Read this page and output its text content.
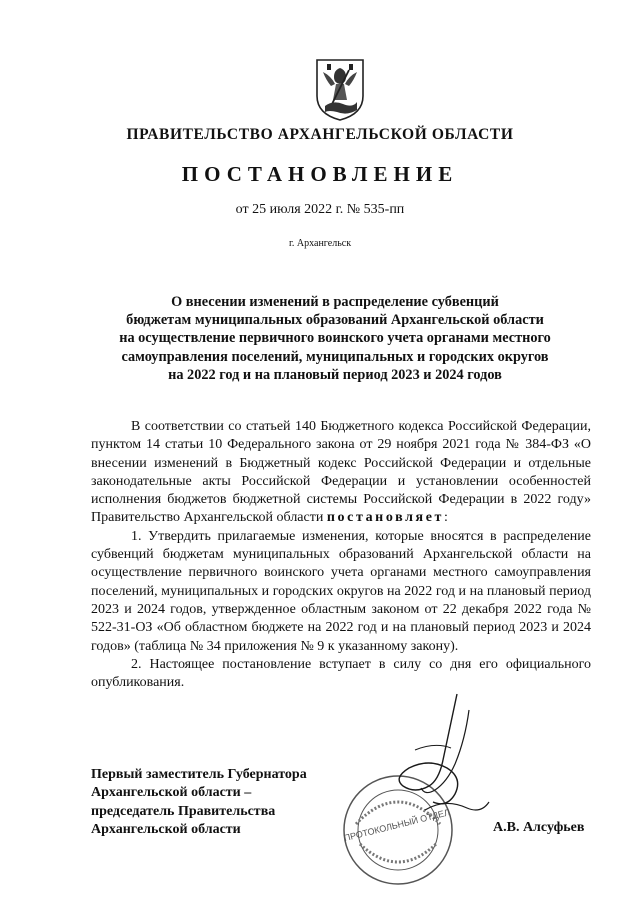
ПРАВИТЕЛЬСТВО АРХАНГЕЛЬСКОЙ ОБЛАСТИ
ПОСТАНОВЛЕНИЕ
от 25 июля 2022 г. № 535-пп
г. Архангельск
О внесении изменений в распределение субвенций
бюджетам муниципальных образований Архангельской области
на осуществление первичного воинского учета органами местного
самоуправления поселений, муниципальных и городских округов
на 2022 год и на плановый период 2023 и 2024 годов

В соответствии со статьей 140 Бюджетного кодекса Российской Федерации, пунктом 14 статьи 10 Федерального закона от 29 ноября 2021 года № 384-ФЗ «О внесении изменений в Бюджетный кодекс Российской Федерации и отдельные законодательные акты Российской Федерации и установлении особенностей исполнения бюджетов бюджетной системы Российской Федерации в 2022 году» Правительство Архангельской области постановляет:

1. Утвердить прилагаемые изменения, которые вносятся в распределение субвенций бюджетам муниципальных образований Архангельской области на осуществление первичного воинского учета органами местного самоуправления поселений, муниципальных и городских округов на 2022 год и на плановый период 2023 и 2024 годов, утвержденное областным законом от 22 декабря 2022 года № 522-31-ОЗ «Об областном бюджете на 2022 год и на плановый период 2023 и 2024 годов» (таблица № 34 приложения № 9 к указанному закону).

2. Настоящее постановление вступает в силу со дня его официального опубликования.

Первый заместитель Губернатора
Архангельской области –
председатель Правительства
Архангельской области	ПРОТОКОЛЬНЫЙ ОТДЕЛ	А.В. Алсуфьев
